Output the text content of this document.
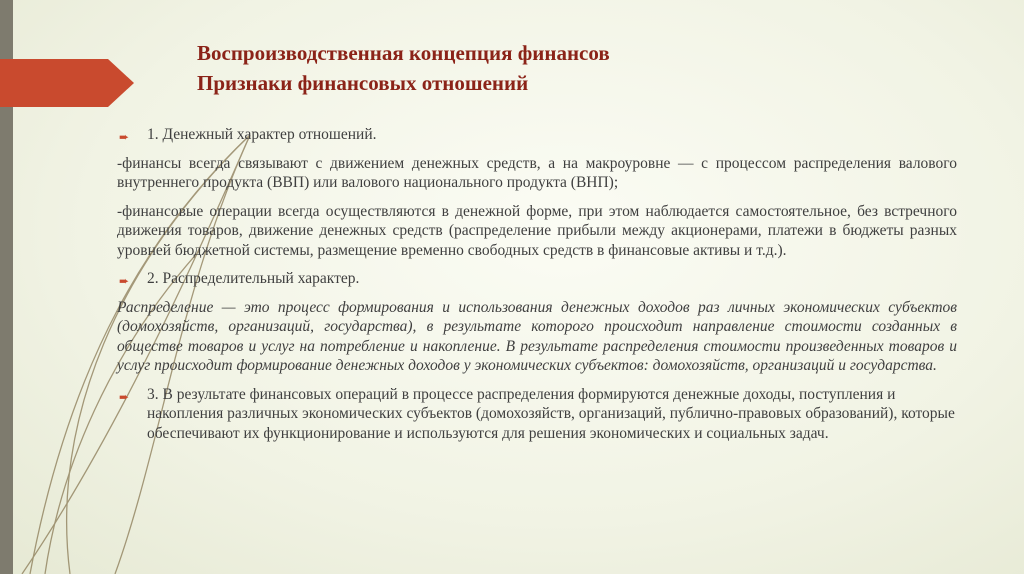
Воспроизводственная концепция финансов
Признаки финансовых отношений
➨ 1. Денежный характер отношений.

-финансы всегда связывают с движением денежных средств, а на макроуровне — с процессом распределения валового внутреннего продукта (ВВП) или валового национального продукта (ВНП);

-финансовые операции всегда осуществляются в денежной форме, при этом наблюдается самостоятельное, без встречного движения товаров, движение денежных средств (распределение прибыли между акционерами, платежи в бюджеты разных уровней бюджетной системы, размещение временно свободных средств в финансовые активы и т.д.).

➨ 2. Распределительный характер.

Распределение — это процесс формирования и использования денежных доходов раз личных экономических субъектов (домохозяйств, организаций, государства), в результате которого происходит направление стоимости созданных в обществе товаров и услуг на потребление и накопление. В результате распределения стоимости произведенных товаров и услуг происходит формирование денежных доходов у экономических субъектов: домохозяйств, организаций и государства.

➨ 3. В результате финансовых операций в процессе распределения формируются денежные доходы, поступления и накопления различных экономических субъектов (домохозяйств, организаций, публично-правовых образований), которые обеспечивают их функционирование и используются для решения экономических и социальных задач.
